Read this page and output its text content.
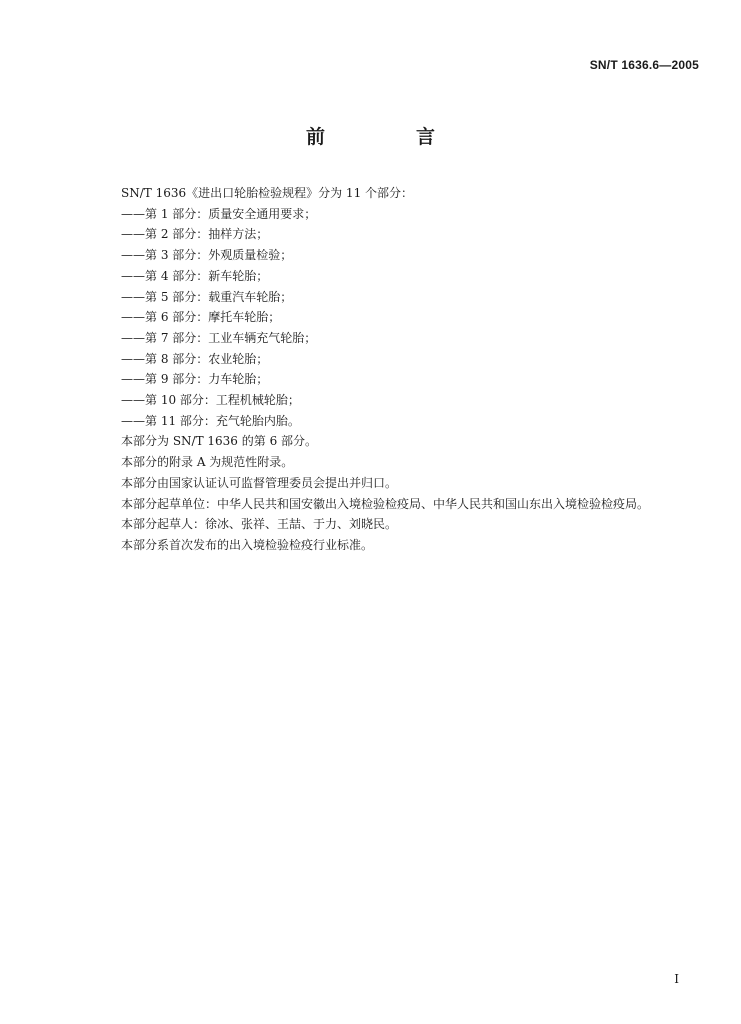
SN/T 1636.6—2005
前　言
SN/T 1636《进出口轮胎检验规程》分为 11 个部分：
——第 1 部分：质量安全通用要求；
——第 2 部分：抽样方法；
——第 3 部分：外观质量检验；
——第 4 部分：新车轮胎；
——第 5 部分：载重汽车轮胎；
——第 6 部分：摩托车轮胎；
——第 7 部分：工业车辆充气轮胎；
——第 8 部分：农业轮胎；
——第 9 部分：力车轮胎；
——第 10 部分：工程机械轮胎；
——第 11 部分：充气轮胎内胎。
本部分为 SN/T 1636 的第 6 部分。
本部分的附录 A 为规范性附录。
本部分由国家认证认可监督管理委员会提出并归口。
本部分起草单位：中华人民共和国安徽出入境检验检疫局、中华人民共和国山东出入境检验检疫局。
本部分起草人：徐冰、张祥、王喆、于力、刘晓民。
本部分系首次发布的出入境检验检疫行业标准。
I
